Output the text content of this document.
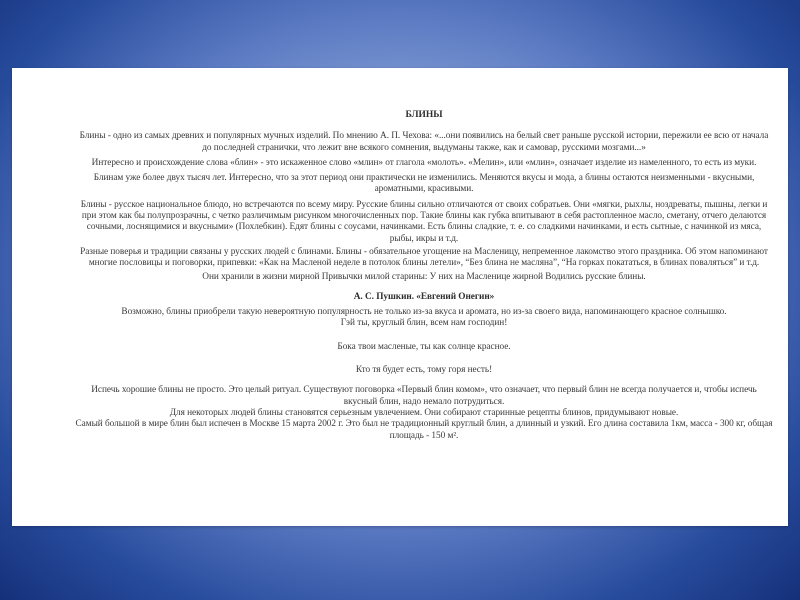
БЛИНЫ

Блины - одно из самых древних и популярных мучных изделий. По мнению А. П. Чехова: «...они появились на белый свет раньше русской истории, пережили ее всю от начала до последней странички, что лежит вне всякого сомнения, выдуманы также, как и самовар, русскими мозгами...»

Интересно и происхождение слова «блин» - это искаженное слово «млин» от глагола «молоть». «Мелин», или «млин», означает изделие из намеленного, то есть из муки.

Блинам уже более двух тысяч лет. Интересно, что за этот период они практически не изменились. Меняются вкусы и мода, а блины остаются неизменными - вкусными, ароматными, красивыми.

Блины - русское национальное блюдо, но встречаются по всему миру. Русские блины сильно отличаются от своих собратьев. Они «мягки, рыхлы, ноздреваты, пышны, легки и при этом как бы полупрозрачны, с четко различимым рисунком многочисленных пор. Такие блины как губка впитывают в себя растопленное масло, сметану, отчего делаются сочными, лоснящимися и вкусными» (Похлебкин). Едят блины с соусами, начинками. Есть блины сладкие, т. е. со сладкими начинками, и есть сытные, с начинкой из мяса, рыбы, икры и т.д.

Разные поверья и традиции связаны у русских людей с блинами. Блины - обязательное угощение на Масленицу, непременное лакомство этого праздника. Об этом напоминают многие пословицы и поговорки, припевки: «Как на Масленой неделе в потолок блины летели», “Без блина не масляна”, “На горках покататься, в блинах поваляться” и т.д.

Они хранили в жизни мирной Привычки милой старины: У них на Масленице жирной Водились русские блины.

А. С. Пушкин. «Евгений Онегин»

Возможно, блины приобрели такую невероятную популярность не только из-за вкуса и аромата, но из-за своего вида, напоминающего красное солнышко.

Гэй ты, круглый блин, всем нам господин!

Бока твои масленые, ты как солнце красное.

Кто тя будет есть, тому горя несть!

Испечь хорошие блины не просто. Это целый ритуал. Существуют поговорка «Первый блин комом», что означает, что первый блин не всегда получается и, чтобы испечь вкусный блин, надо немало потрудиться.

Для некоторых людей блины становятся серьезным увлечением. Они собирают старинные рецепты блинов, придумывают новые.

Самый большой в мире блин был испечен в Москве 15 марта 2002 г. Это был не традиционный круглый блин, а длинный и узкий. Его длина составила 1км, масса - 300 кг, общая площадь - 150 м².
